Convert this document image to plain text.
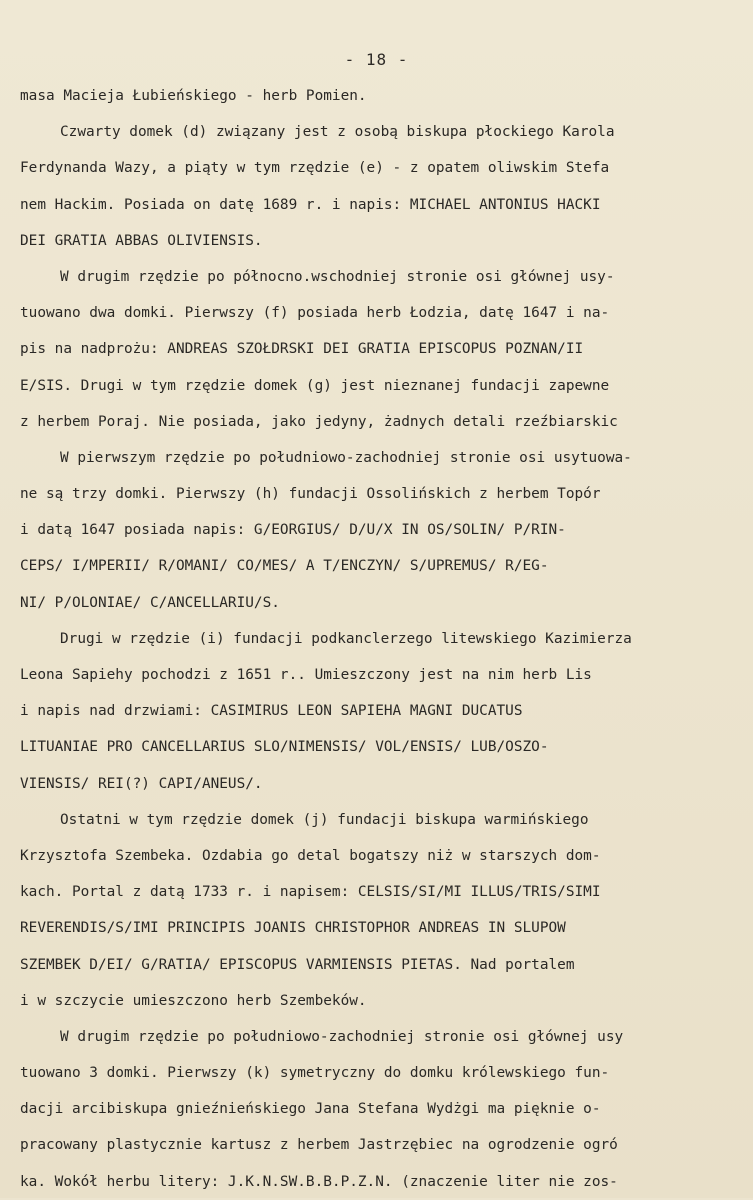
- 18 -
masa Macieja Łubieńskiego - herb Pomien.
Czwarty domek (d) związany jest z osobą biskupa płockiego Karola
Ferdynanda Wazy, a piąty w tym rzędzie (e) - z opatem oliwskim Stefa
nem Hackim. Posiada on datę 1689 r. i napis: MICHAEL ANTONIUS HACKI
DEI GRATIA ABBAS OLIVIENSIS.
W drugim rzędzie po północno.wschodniej stronie osi głównej usy-
tuowano dwa domki. Pierwszy (f) posiada herb Łodzia, datę 1647 i na-
pis na nadprożu: ANDREAS SZOŁDRSKI DEI GRATIA EPISCOPUS POZNAN/II
E/SIS. Drugi w tym rzędzie domek (g) jest nieznanej fundacji zapewne
z herbem Poraj. Nie posiada, jako jedyny, żadnych detali rzeźbiarskic
W pierwszym rzędzie po południowo-zachodniej stronie osi usytuowa-
ne są trzy domki. Pierwszy (h) fundacji Ossolińskich z herbem Topór
i datą 1647 posiada napis: G/EORGIUS/ D/U/X IN OS/SOLIN/ P/RIN-
CEPS/ I/MPERII/ R/OMANI/ CO/MES/ A T/ENCZYN/ S/UPREMUS/ R/EG-
NI/ P/OLONIAE/ C/ANCELLARIU/S.
Drugi w rzędzie (i) fundacji podkanclerzego litewskiego Kazimierza
Leona Sapiehy pochodzi z 1651 r.. Umieszczony jest na nim herb Lis
i napis nad drzwiami: CASIMIRUS LEON SAPIEHA MAGNI DUCATUS
LITUANIAE PRO CANCELLARIUS SLO/NIMENSIS/ VOL/ENSIS/ LUB/OSZO-
VIENSIS/ REI(?) CAPI/ANEUS/.
Ostatni w tym rzędzie domek (j) fundacji biskupa warmińskiego
Krzysztofa Szembeka. Ozdabia go detal bogatszy niż w starszych dom-
kach. Portal z datą 1733 r. i napisem: CELSIS/SI/MI ILLUS/TRIS/SIMI
REVERENDIS/S/IMI PRINCIPIS JOANIS CHRISTOPHOR ANDREAS IN SLUPOW
SZEMBEK D/EI/ G/RATIA/ EPISCOPUS VARMIENSIS PIETAS. Nad portalem
i w szczycie umieszczono herb Szembeków.
W drugim rzędzie po południowo-zachodniej stronie osi głównej usy
tuowano 3 domki. Pierwszy (k) symetryczny do domku królewskiego fun-
dacji arcibiskupa gnieźnieńskiego Jana Stefana Wydżgi ma pięknie o-
pracowany plastycznie kartusz z herbem Jastrzębiec na ogrodzenie ogró
ka. Wokół herbu litery: J.K.N.SW.B.B.P.Z.N. (znaczenie liter nie zos-
